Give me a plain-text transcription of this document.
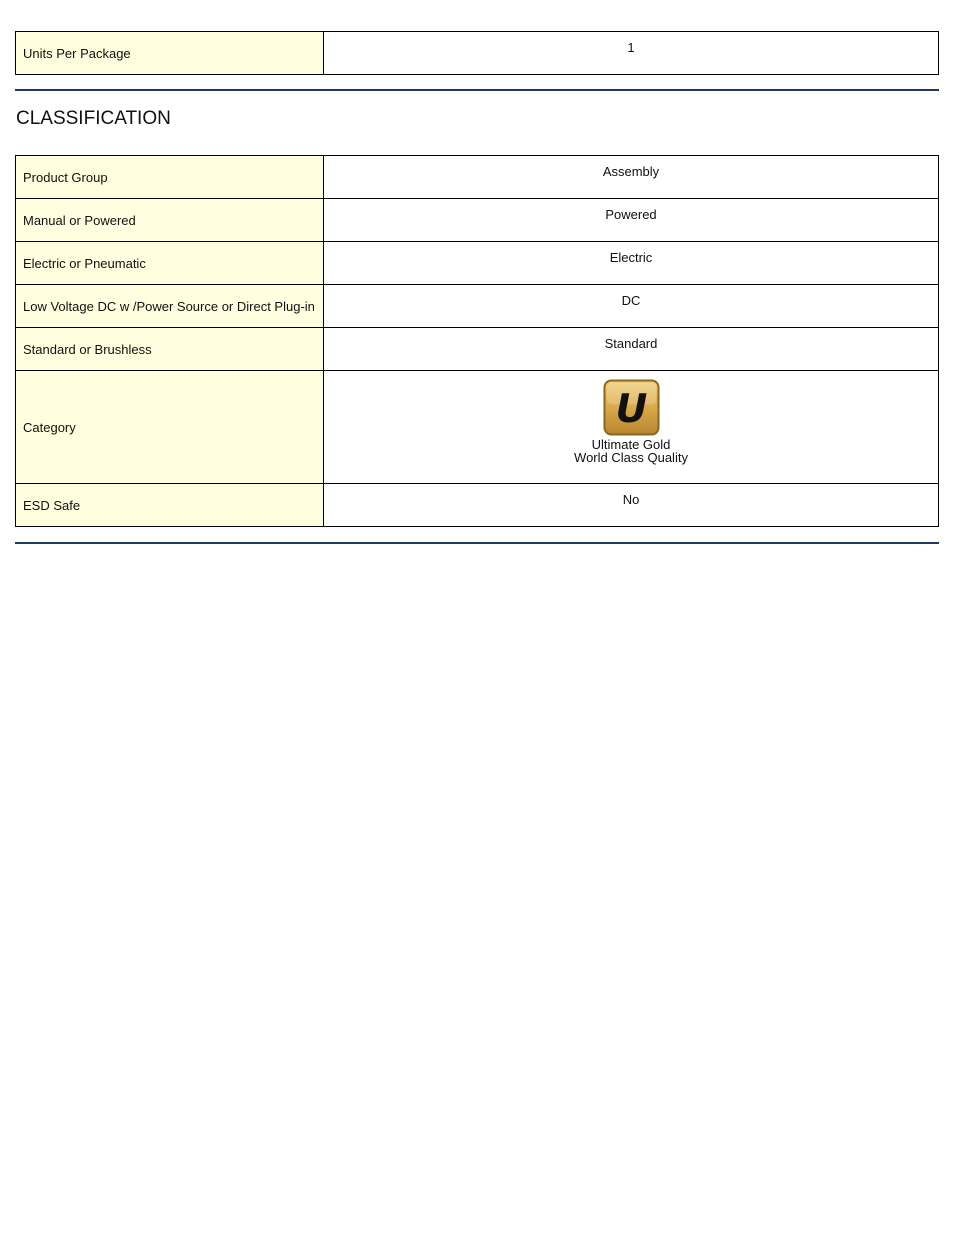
Units Per Package	1
CLASSIFICATION
Product Group	Assembly
Manual or Powered	Powered
Electric or Pneumatic	Electric
Low Voltage DC w /Power Source or Direct Plug-in	DC
Standard or Brushless	Standard
Category	U
Ultimate Gold
World Class Quality

ESD Safe	No
